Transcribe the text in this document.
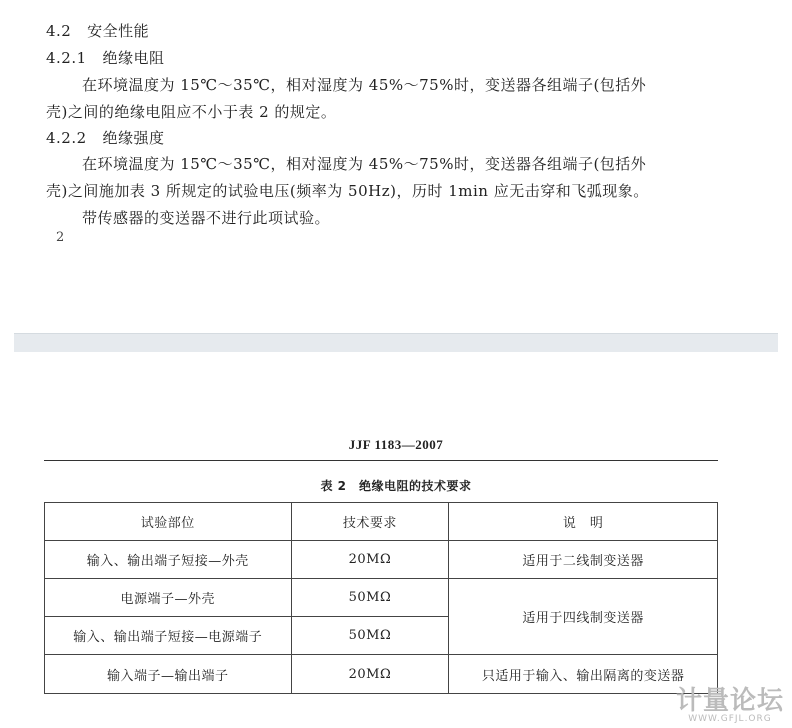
4.2 安全性能
4.2.1 绝缘电阻
在环境温度为 15℃～35℃，相对湿度为 45%～75%时，变送器各组端子(包括外
壳)之间的绝缘电阻应不小于表 2 的规定。
4.2.2 绝缘强度
在环境温度为 15℃～35℃，相对湿度为 45%～75%时，变送器各组端子(包括外
壳)之间施加表 3 所规定的试验电压(频率为 50Hz)，历时 1min 应无击穿和飞弧现象。
带传感器的变送器不进行此项试验。
2
JJF 1183—2007
表 2　绝缘电阻的技术要求
试验部位	技术要求	说　明
输入、输出端子短接—外壳	20MΩ	适用于二线制变送器
电源端子—外壳	50MΩ	适用于四线制变送器
输入、输出端子短接—电源端子	50MΩ	
输入端子—输出端子	20MΩ	只适用于输入、输出隔离的变送器
计量论坛
WWW.GFJL.ORG
